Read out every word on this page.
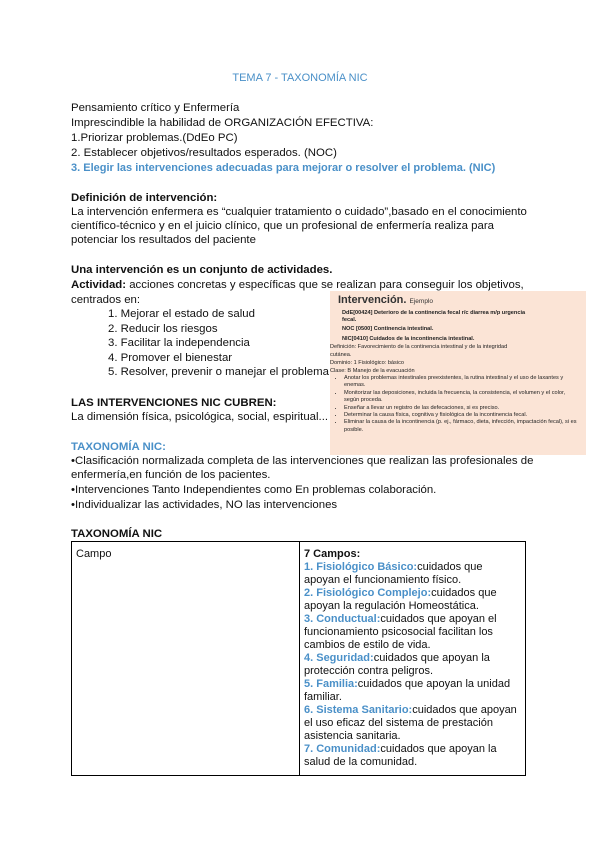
TEMA 7 - TAXONOMÍA NIC
Pensamiento crítico y Enfermería
Imprescindible la habilidad de ORGANIZACIÓN EFECTIVA:
1.Priorizar problemas.(DdEo PC)
2. Establecer objetivos/resultados esperados. (NOC)
3. Elegir las intervenciones adecuadas para mejorar o resolver el problema. (NIC)
Definición de intervención:
La intervención enfermera es “cualquier tratamiento o cuidado”,basado en el conocimiento
científico-técnico y en el juicio clínico, que un profesional de enfermería realiza para
potenciar los resultados del paciente
Una intervención es un conjunto de actividades.
Actividad: acciones concretas y específicas que se realizan para conseguir los objetivos,
centrados en:
1. Mejorar el estado de salud
2. Reducir los riesgos
3. Facilitar la independencia
4. Promover el bienestar
5. Resolver, prevenir o manejar el problema
Intervención. Ejemplo
DdE[00424] Deterioro de la continencia fecal r/c diarrea m/p urgencia
fecal.
NOC [0500] Continencia intestinal.
NIC[0410] Cuidados de la incontinencia intestinal.
Definición: Favorecimiento de la continencia intestinal y de la integridad
cutánea.
Dominio: 1 Fisiológico: básico
Clase: B Manejo de la evacuación
• Anotar los problemas intestinales preexistentes, la rutina intestinal y el uso de laxantes y enemas.
• Monitorizar las deposiciones, incluida la frecuencia, la consistencia, el volumen y el color, según proceda.
• Enseñar a llevar un registro de las defecaciones, si es preciso.
• Determinar la causa física, cognitiva y fisiológica de la incontinencia fecal.
• Eliminar la causa de la incontinencia (p. ej., fármaco, dieta, infección, impactación fecal), si es posible.
LAS INTERVENCIONES NIC CUBREN:
La dimensión física, psicológica, social, espiritual...
TAXONOMÍA NIC:
•Clasificación normalizada completa de las intervenciones que realizan las profesionales de
enfermería,en función de los pacientes.
•Intervenciones Tanto Independientes como En problemas colaboración.
•Individualizar las actividades, NO las intervenciones
TAXONOMÍA NIC
Campo	7 Campos:

1. Fisiológico Básico:cuidados que apoyan el funcionamiento físico.

2. Fisiológico Complejo:cuidados que apoyan la regulación Homeostática.

3. Conductual:cuidados que apoyan el funcionamiento psicosocial facilitan los cambios de estilo de vida.

4. Seguridad:cuidados que apoyan la protección contra peligros.

5. Familia:cuidados que apoyan la unidad familiar.

6. Sistema Sanitario:cuidados que apoyan el uso eficaz del sistema de prestación asistencia sanitaria.

7. Comunidad:cuidados que apoyan la salud de la comunidad.
